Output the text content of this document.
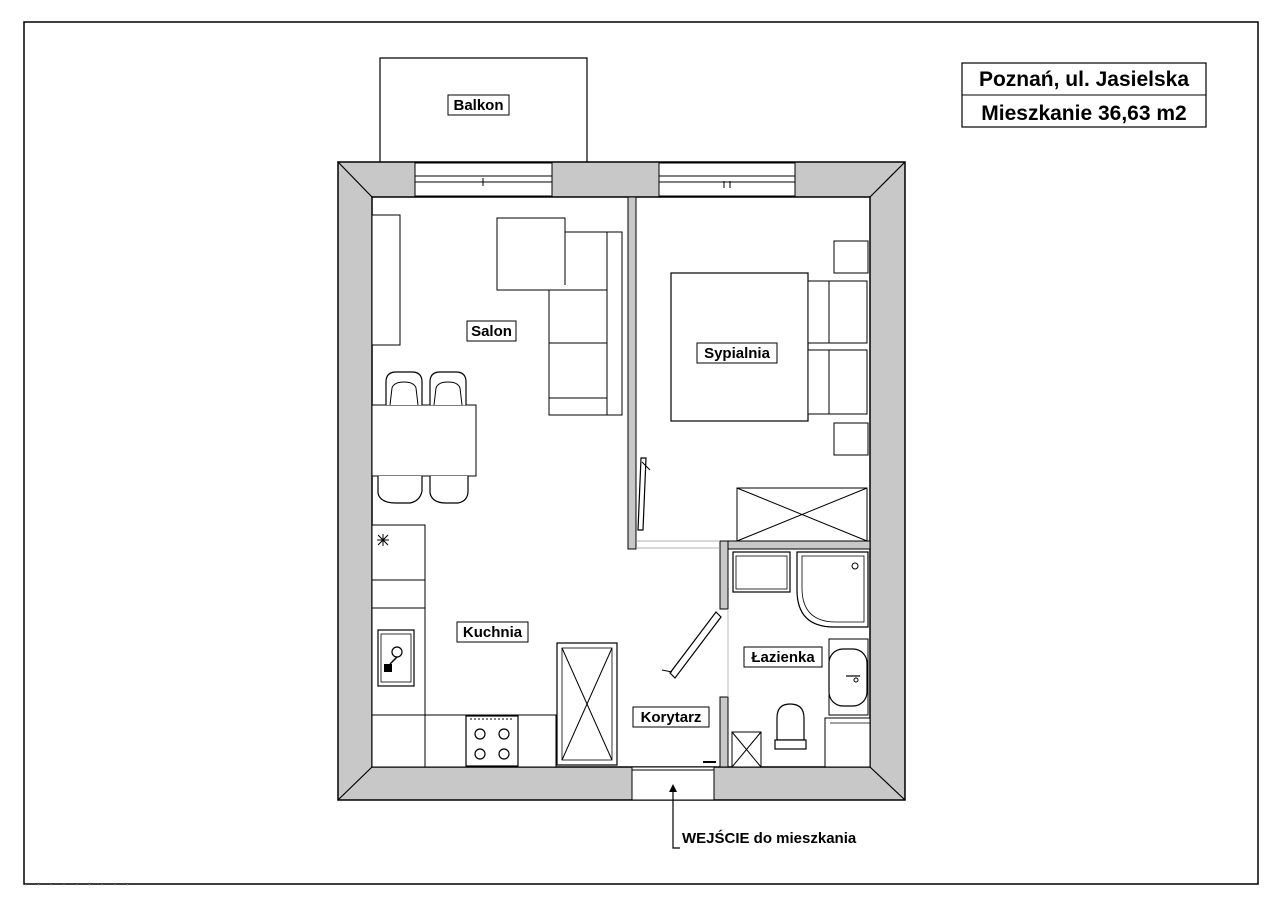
Balkon
Salon
Sypialnia
Kuchnia
Łazienka
Korytarz
Poznań, ul. Jasielska
Mieszkanie 36,63 m2
WEJŚCIE do mieszkania
· · · · · · · · ·
